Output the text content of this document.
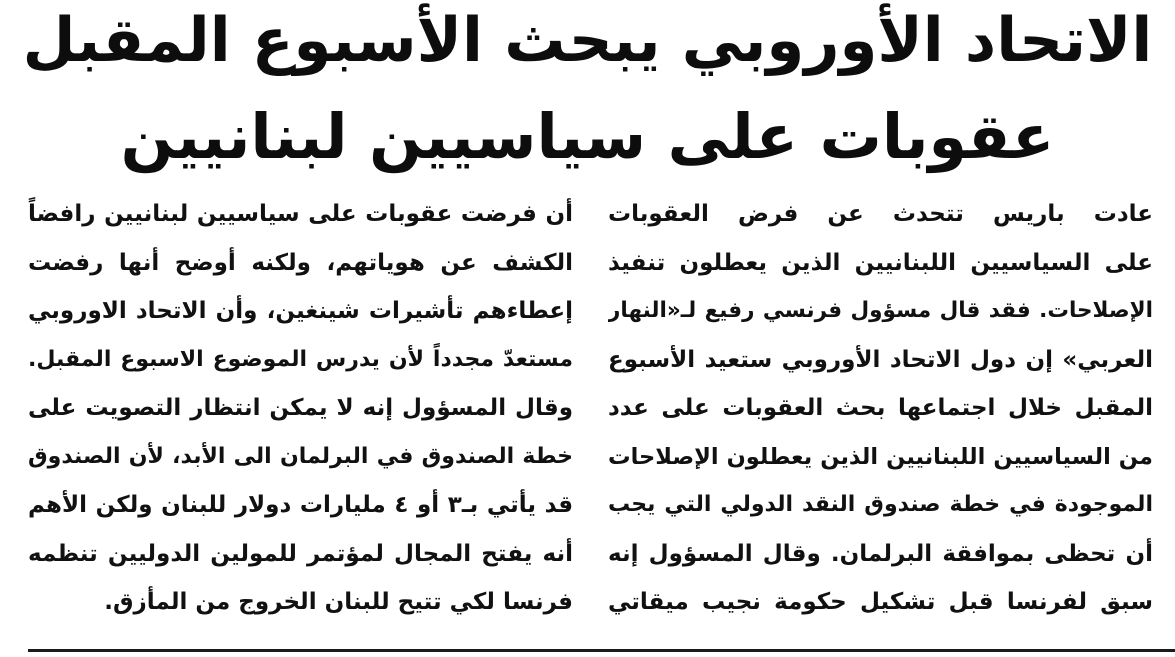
الاتحاد الأوروبي يبحث الأسبوع المقبل
عقوبات على سياسيين لبنانيين
عادت باريس تتحدث عن فرض العقوبات
على السياسيين اللبنانيين الذين يعطلون تنفيذ
الإصلاحات. فقد قال مسؤول فرنسي رفيع لـ«النهار
العربي» إن دول الاتحاد الأوروبي ستعيد الأسبوع
المقبل خلال اجتماعها بحث العقوبات على عدد
من السياسيين اللبنانيين الذين يعطلون الإصلاحات
الموجودة في خطة صندوق النقد الدولي التي يجب
أن تحظى بموافقة البرلمان. وقال المسؤول إنه
سبق لفرنسا قبل تشكيل حكومة نجيب ميقاتي
أن فرضت عقوبات على سياسيين لبنانيين رافضاً
الكشف عن هوياتهم، ولكنه أوضح أنها رفضت
إعطاءهم تأشيرات شينغين، وأن الاتحاد الاوروبي
مستعدّ مجدداً لأن يدرس الموضوع الاسبوع المقبل.
وقال المسؤول إنه لا يمكن انتظار التصويت على
خطة الصندوق في البرلمان الى الأبد، لأن الصندوق
قد يأتي بـ٣ أو ٤ مليارات دولار للبنان ولكن الأهم
أنه يفتح المجال لمؤتمر للمولين الدوليين تنظمه
فرنسا لكي تتيح للبنان الخروج من المأزق.
